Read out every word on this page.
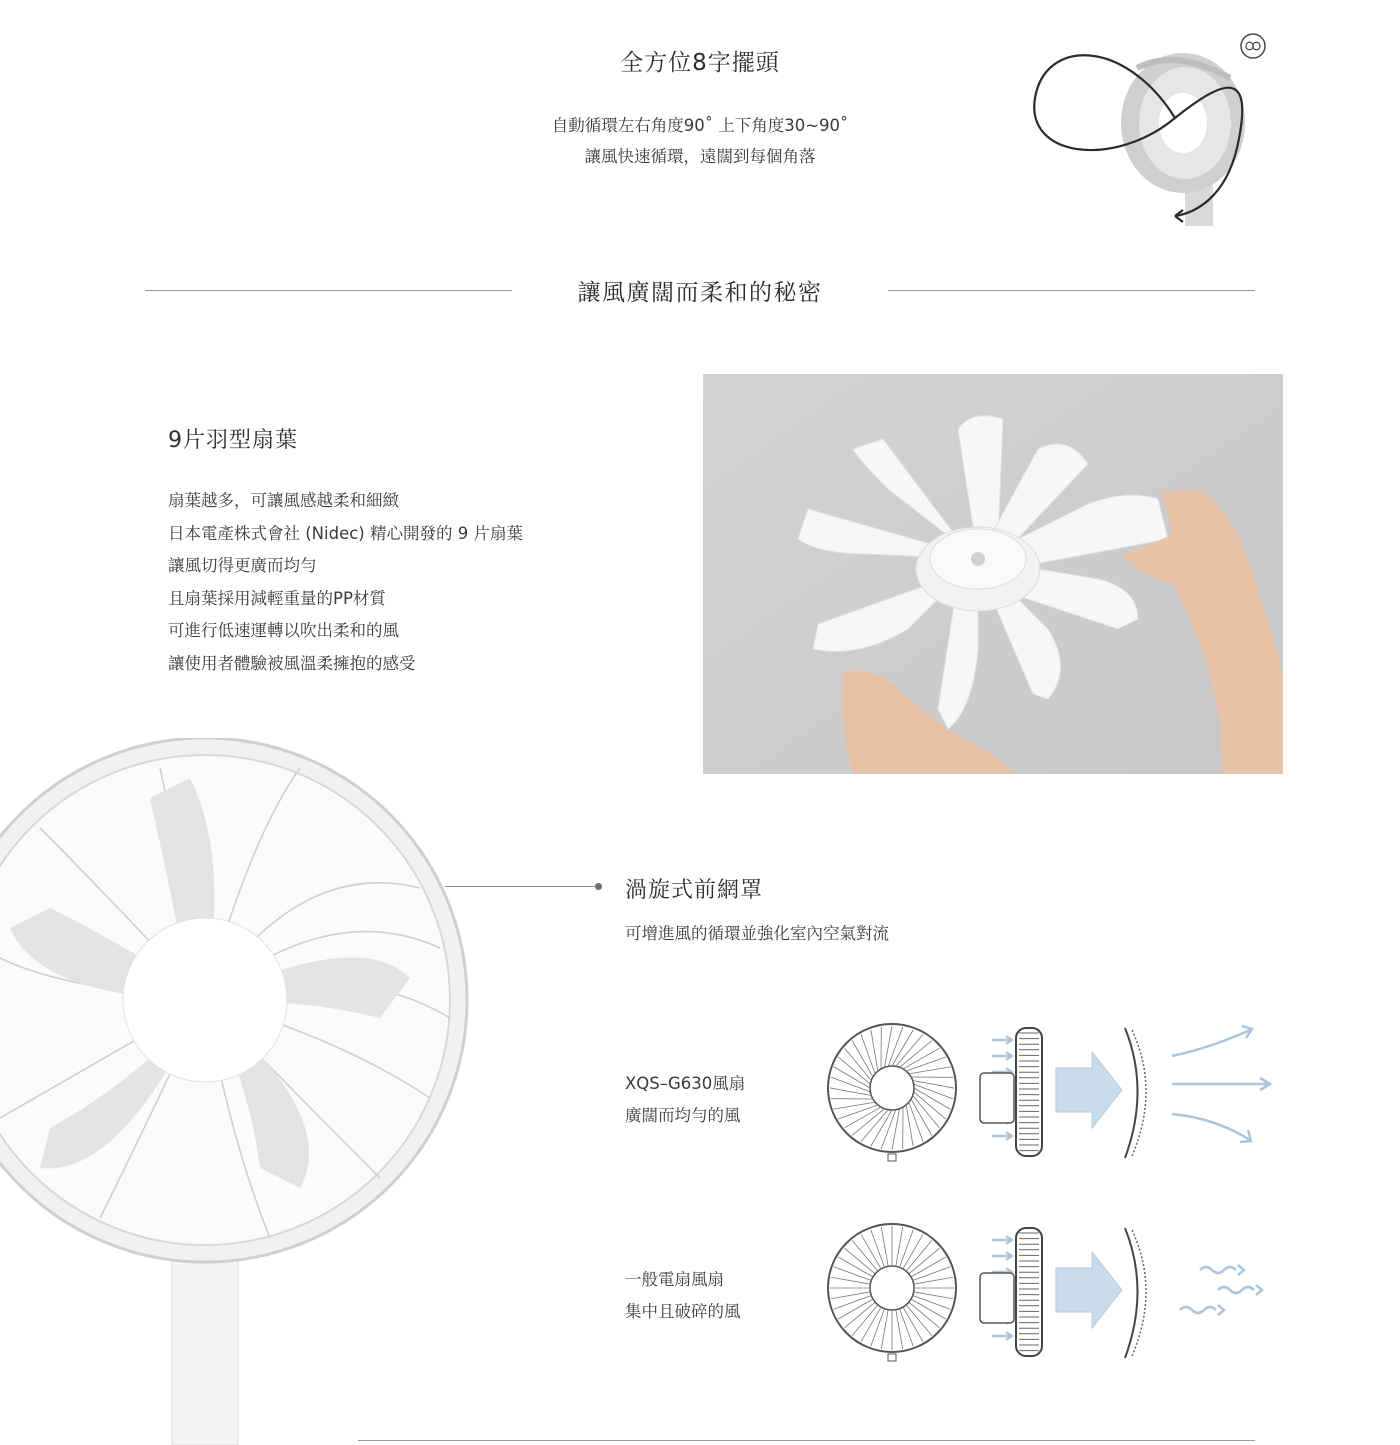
全方位8字擺頭
自動循環左右角度90˚ 上下角度30~90˚
讓風快速循環，遠闊到每個角落
讓風廣闊而柔和的秘密
9片羽型扇葉
扇葉越多，可讓風感越柔和細緻
日本電產株式會社 (Nidec) 精心開發的 9 片扇葉
讓風切得更廣而均勻
且扇葉採用減輕重量的PP材質
可進行低速運轉以吹出柔和的風
讓使用者體驗被風溫柔擁抱的感受
渦旋式前網罩
可增進風的循環並強化室內空氣對流
XQS–G630風扇
廣闊而均勻的風
一般電扇風扇
集中且破碎的風
